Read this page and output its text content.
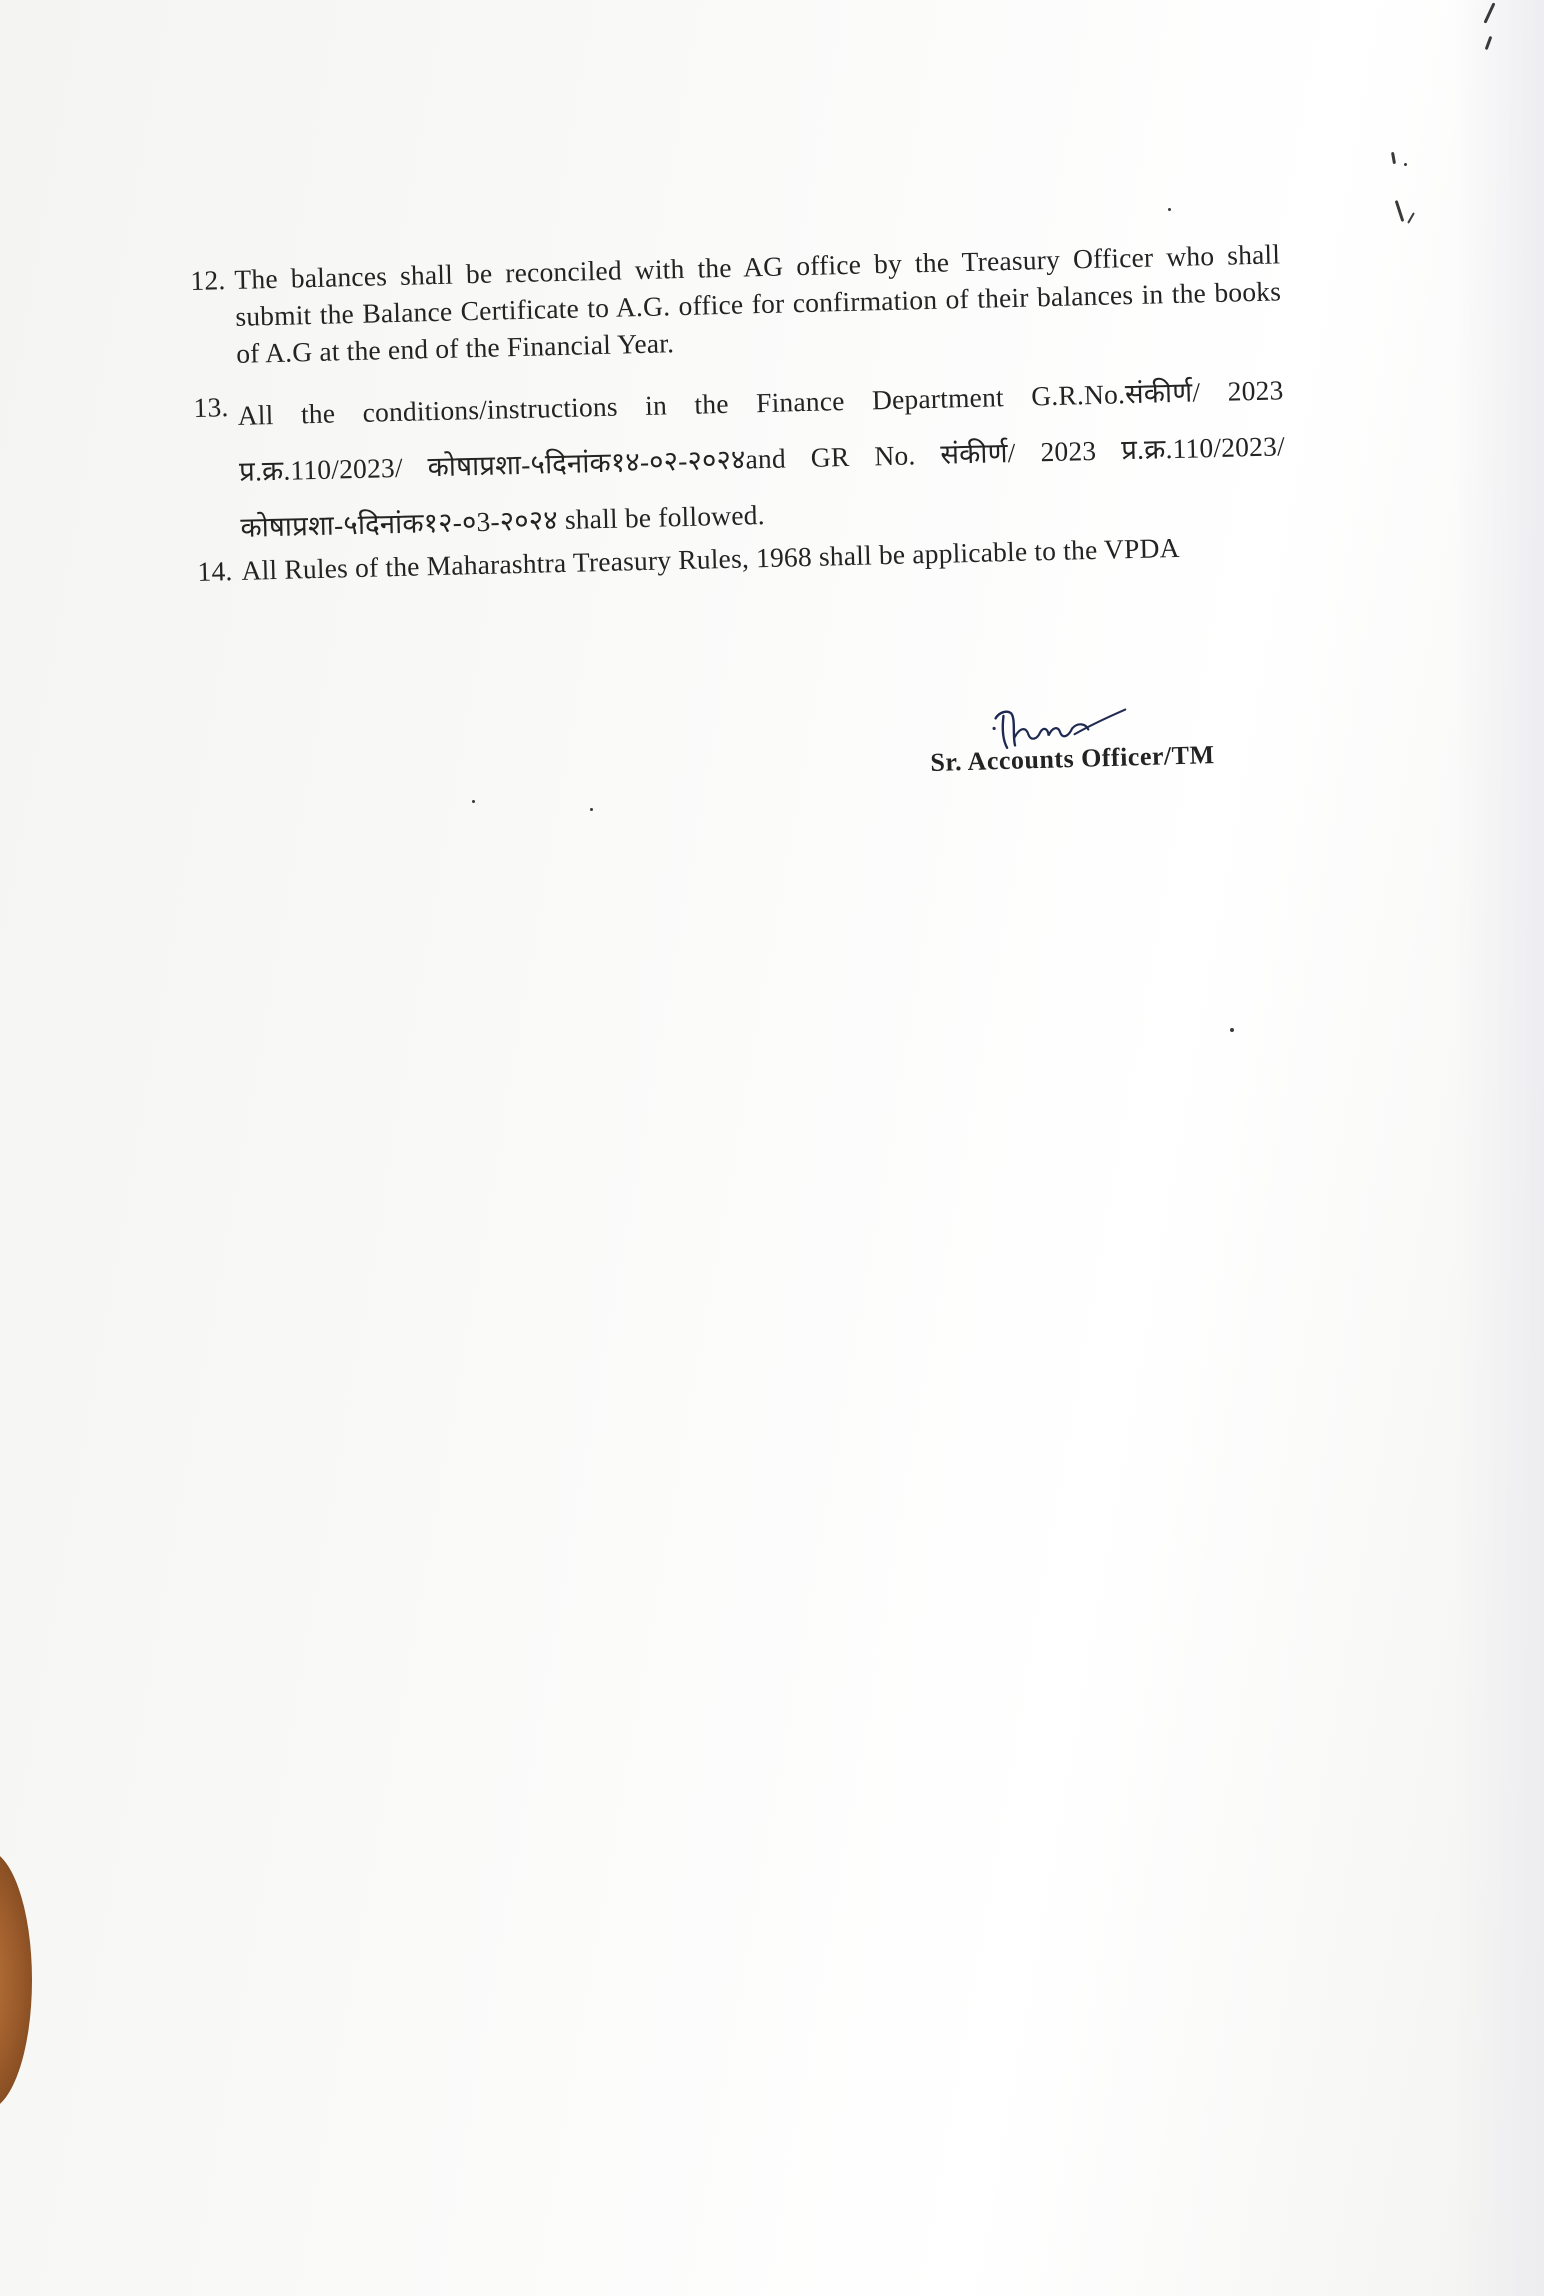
12. The balances shall be reconciled with the AG office by the Treasury Officer who shall submit the Balance Certificate to A.G. office for confirmation of their balances in the books of A.G at the end of the Financial Year.

13. All the conditions/instructions in the Finance Department G.R.No.संकीर्ण/ 2023 प्र.क्र.110/2023/ कोषाप्रशा-५दिनांक१४-०२-२०२४and GR No. संकीर्ण/ 2023 प्र.क्र.110/2023/ कोषाप्रशा-५दिनांक१२-०3-२०२४ shall be followed.

14. All Rules of the Maharashtra Treasury Rules, 1968 shall be applicable to the VPDA

Sr. Accounts Officer/TM
